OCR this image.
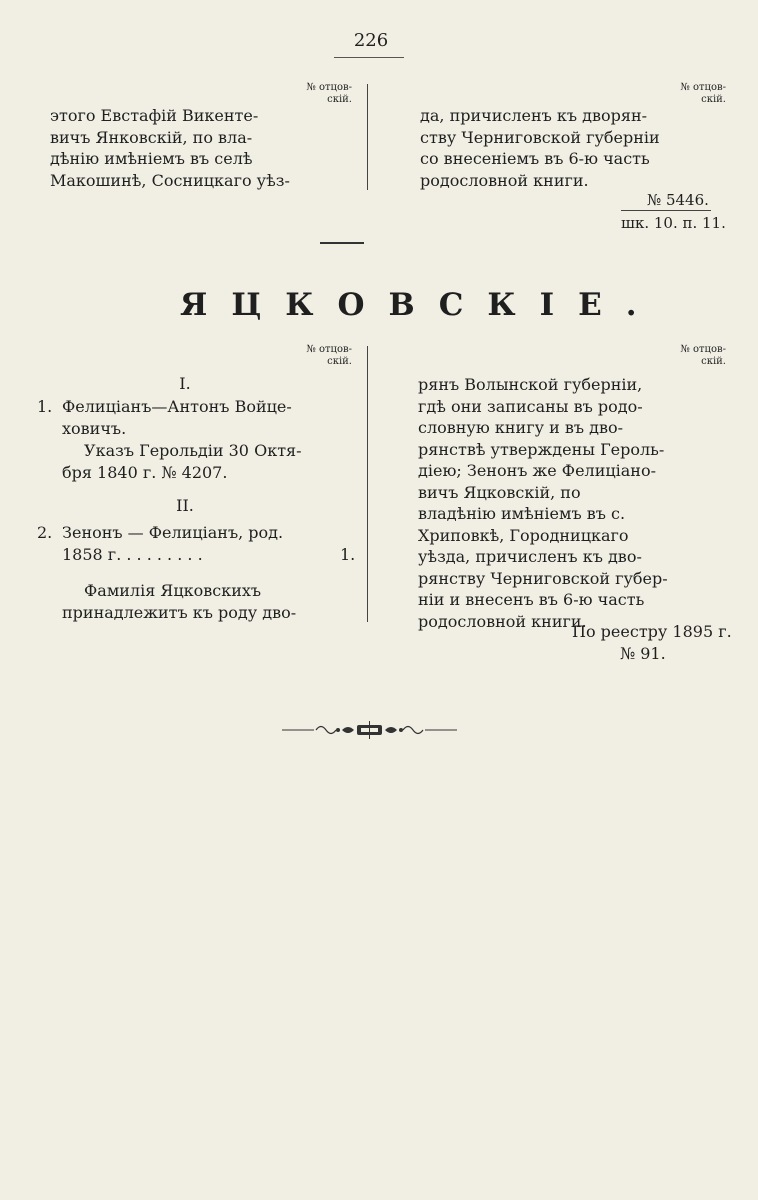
226
№ отцов-
скій.
№ отцов-
скій.

этого Евстафій Викенте-

вичъ Янковскій, по вла-

дѣнію имѣніемъ въ селѣ

Макошинѣ, Сосницкаго уѣз-

да, причисленъ къ дворян-

ству Черниговской губерніи

со внесеніемъ въ 6-ю часть

родословной книги.

№ 5446.
шк. 10. п. 11.
ЯЦКОВСКІЕ.
№ отцов-
скій.
№ отцов-
скій.
I.
1. Фелиціанъ—Антонъ Войце-
ховичъ.
Указъ Герольдіи 30 Октя-
бря 1840 г. № 4207.
II.
2. Зенонъ — Фелиціанъ, род.
1858 г. . . . . . . . .	1.
Фамилія Яцковскихъ
принадлежитъ къ роду дво-

рянъ Волынской губерніи,

гдѣ они записаны въ родо-

словную книгу и въ дво-

рянствѣ утверждены Героль-

діею; Зенонъ же Фелиціано-

вичъ Яцковскій, по

владѣнію имѣніемъ въ с.

Хриповкѣ, Городницкаго

уѣзда, причисленъ къ дво-

рянству Черниговской губер-

ніи и внесенъ въ 6-ю часть

родословной книги.

По реестру 1895 г.
№ 91.
